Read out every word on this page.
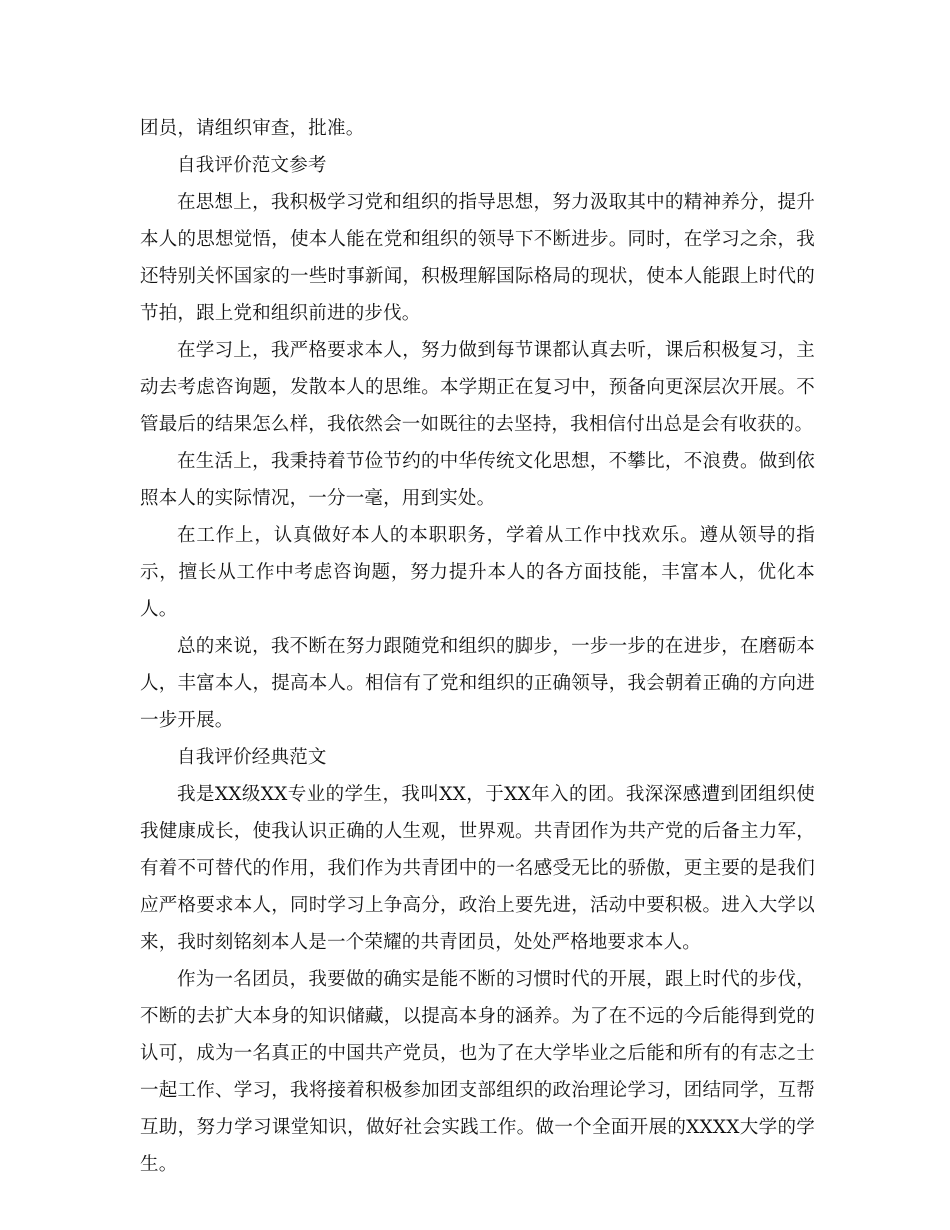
团员，请组织审查，批准。

自我评价范文参考

在思想上，我积极学习党和组织的指导思想，努力汲取其中的精神养分，提升本人的思想觉悟，使本人能在党和组织的领导下不断进步。同时，在学习之余，我还特别关怀国家的一些时事新闻，积极理解国际格局的现状，使本人能跟上时代的节拍，跟上党和组织前进的步伐。

在学习上，我严格要求本人，努力做到每节课都认真去听，课后积极复习，主动去考虑咨询题，发散本人的思维。本学期正在复习中，预备向更深层次开展。不管最后的结果怎么样，我依然会一如既往的去坚持，我相信付出总是会有收获的。

在生活上，我秉持着节俭节约的中华传统文化思想，不攀比，不浪费。做到依照本人的实际情况，一分一毫，用到实处。

在工作上，认真做好本人的本职职务，学着从工作中找欢乐。遵从领导的指示，擅长从工作中考虑咨询题，努力提升本人的各方面技能，丰富本人，优化本人。

总的来说，我不断在努力跟随党和组织的脚步，一步一步的在进步，在磨砺本人，丰富本人，提高本人。相信有了党和组织的正确领导，我会朝着正确的方向进一步开展。

自我评价经典范文

我是XX级XX专业的学生，我叫XX，于XX年入的团。我深深感遭到团组织使我健康成长，使我认识正确的人生观，世界观。共青团作为共产党的后备主力军，有着不可替代的作用，我们作为共青团中的一名感受无比的骄傲，更主要的是我们应严格要求本人，同时学习上争高分，政治上要先进，活动中要积极。进入大学以来，我时刻铭刻本人是一个荣耀的共青团员，处处严格地要求本人。

作为一名团员，我要做的确实是能不断的习惯时代的开展，跟上时代的步伐，不断的去扩大本身的知识储藏，以提高本身的涵养。为了在不远的今后能得到党的认可，成为一名真正的中国共产党员，也为了在大学毕业之后能和所有的有志之士一起工作、学习，我将接着积极参加团支部组织的政治理论学习，团结同学，互帮互助，努力学习课堂知识，做好社会实践工作。做一个全面开展的XXXX大学的学生。
